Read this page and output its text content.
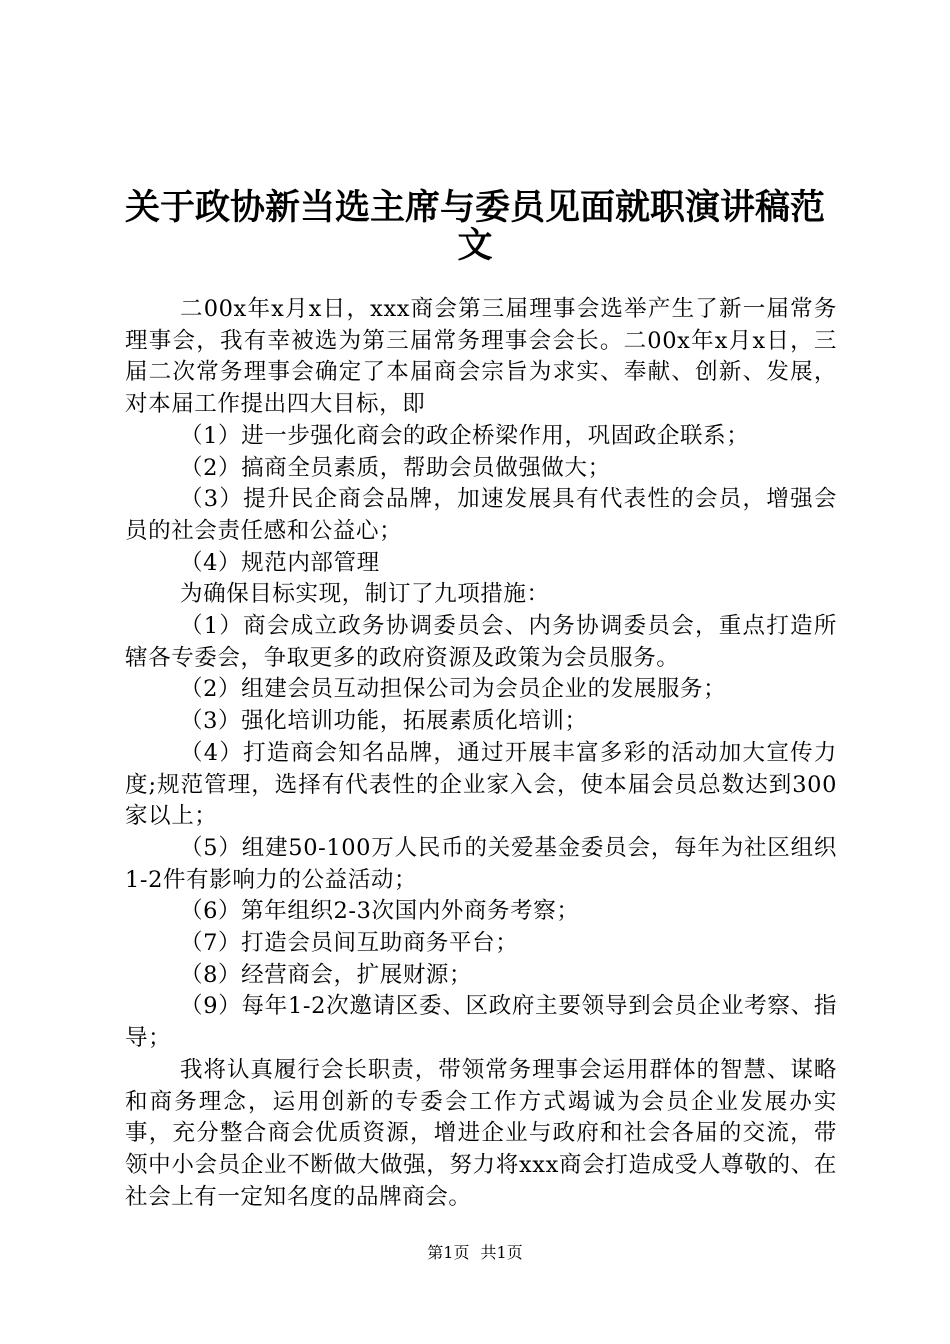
关于政协新当选主席与委员见面就职演讲稿范
文

二00x年x月x日，xxx商会第三届理事会选举产生了新一届常务理事会，我有幸被选为第三届常务理事会会长。二00x年x月x日，三届二次常务理事会确定了本届商会宗旨为求实、奉献、创新、发展，对本届工作提出四大目标，即

（1）进一步强化商会的政企桥梁作用，巩固政企联系；

（2）搞商全员素质，帮助会员做强做大；

（3）提升民企商会品牌，加速发展具有代表性的会员，增强会员的社会责任感和公益心；

（4）规范内部管理

为确保目标实现，制订了九项措施：

（1）商会成立政务协调委员会、内务协调委员会，重点打造所辖各专委会，争取更多的政府资源及政策为会员服务。

（2）组建会员互动担保公司为会员企业的发展服务；

（3）强化培训功能，拓展素质化培训；

（4）打造商会知名品牌，通过开展丰富多彩的活动加大宣传力度;规范管理，选择有代表性的企业家入会，使本届会员总数达到300家以上；

（5）组建50-100万人民币的关爱基金委员会，每年为社区组织1-2件有影响力的公益活动；

（6）第年组织2-3次国内外商务考察；

（7）打造会员间互助商务平台；

（8）经营商会，扩展财源；

（9）每年1-2次邀请区委、区政府主要领导到会员企业考察、指导；

我将认真履行会长职责，带领常务理事会运用群体的智慧、谋略和商务理念，运用创新的专委会工作方式竭诚为会员企业发展办实事，充分整合商会优质资源，增进企业与政府和社会各届的交流，带领中小会员企业不断做大做强，努力将xxx商会打造成受人尊敬的、在社会上有一定知名度的品牌商会。

第1页 共1页
